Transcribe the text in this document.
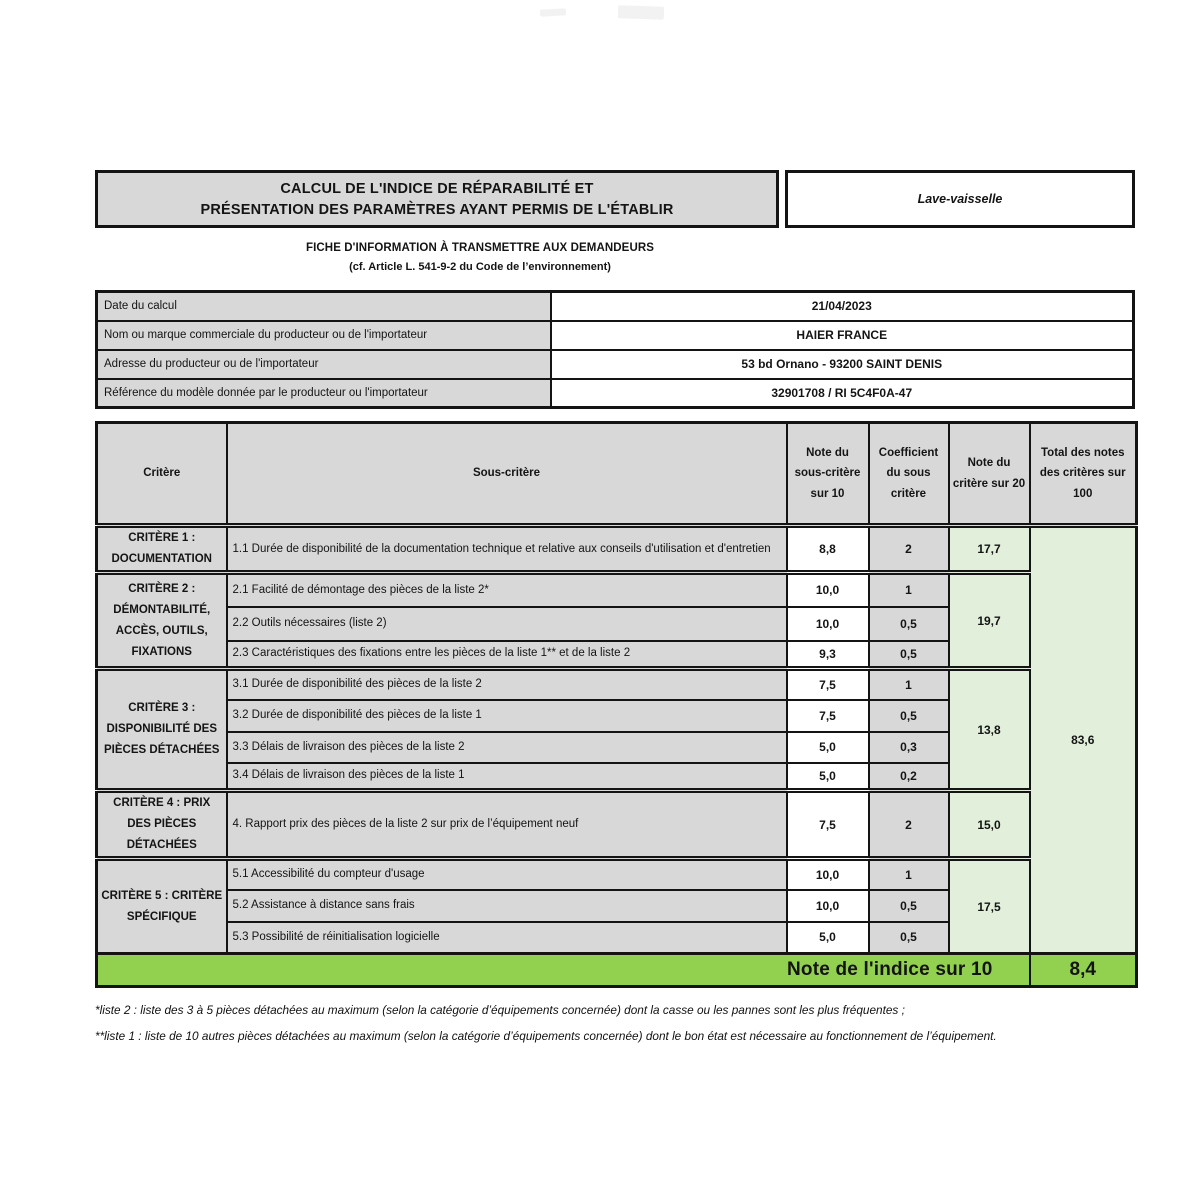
CALCUL DE L'INDICE DE RÉPARABILITÉ ET
PRÉSENTATION DES PARAMÈTRES AYANT PERMIS DE L'ÉTABLIR
Lave-vaisselle
FICHE D'INFORMATION À TRANSMETTRE AUX DEMANDEURS
(cf. Article L. 541-9-2 du Code de l’environnement)
Date du calcul	21/04/2023
Nom ou marque commerciale du producteur ou de l'importateur	HAIER FRANCE
Adresse du producteur ou de l'importateur	53 bd Ornano - 93200 SAINT DENIS
Référence du modèle donnée par le producteur ou l'importateur	32901708 / RI 5C4F0A-47
Critère	Sous-critère	Note du sous-critère sur 10	Coefficient du sous critère	Note du critère sur 20	Total des notes des critères sur 100
CRITÈRE 1 : DOCUMENTATION	1.1 Durée de disponibilité de la documentation technique et relative aux conseils d'utilisation et d'entretien	8,8	2	17,7	83,6
CRITÈRE 2 : DÉMONTABILITÉ, ACCÈS, OUTILS, FIXATIONS	2.1 Facilité de démontage des pièces de la liste 2*	10,0	1	19,7	
	2.2 Outils nécessaires (liste 2)	10,0	0,5		
	2.3 Caractéristiques des fixations entre les pièces de la liste 1** et de la liste 2	9,3	0,5		
CRITÈRE 3 : DISPONIBILITÉ DES PIÈCES DÉTACHÉES	3.1 Durée de disponibilité des pièces de la liste 2	7,5	1	13,8	
	3.2 Durée de disponibilité des pièces de la liste 1	7,5	0,5		
	3.3 Délais de livraison des pièces de la liste 2	5,0	0,3		
	3.4 Délais de livraison des pièces de la liste 1	5,0	0,2		
CRITÈRE 4 : PRIX DES PIÈCES DÉTACHÉES	4. Rapport prix des pièces de la liste 2 sur prix de l’équipement neuf	7,5	2	15,0	
CRITÈRE 5 : CRITÈRE SPÉCIFIQUE	5.1 Accessibilité du compteur d'usage	10,0	1	17,5	
	5.2 Assistance à distance sans frais	10,0	0,5		
	5.3 Possibilité de réinitialisation logicielle	5,0	0,5		
Note de l'indice sur 10					8,4
*liste 2 : liste des 3 à 5 pièces détachées au maximum (selon la catégorie d’équipements concernée) dont la casse ou les pannes sont les plus fréquentes ;
**liste 1 : liste de 10 autres pièces détachées au maximum (selon la catégorie d’équipements concernée) dont le bon état est nécessaire au fonctionnement de l’équipement.
